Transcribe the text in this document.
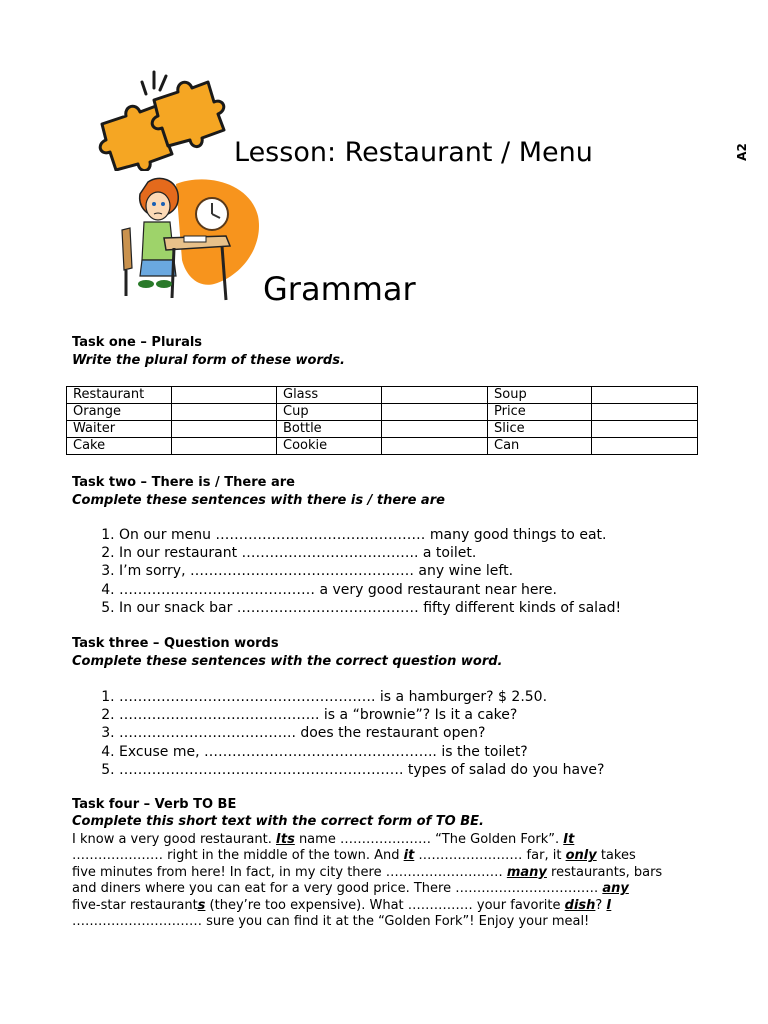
Lesson: Restaurant / Menu	A2
Grammar
Task one – Plurals
Write the plural form of these words.
Restaurant		Glass		Soup	
Orange		Cup		Price	
Waiter		Bottle		Slice	
Cake		Cookie		Can	
Task two – There is / There are
Complete these sentences with there is / there are
1. On our menu ……………………………………… many good things to eat.
2. In our restaurant ……………………………….. a toilet.
3. I’m sorry, ………………………………………… any wine left.
4. …………………………………… a very good restaurant near here.
5. In our snack bar ………………………………… fifty different kinds of salad!
Task three – Question words
Complete these sentences with the correct question word.
1. ………………………………………………. is a hamburger? $ 2.50.
2. ……………………………………. is a “brownie”? Is it a cake?
3. ……………………………….. does the restaurant open?
4. Excuse me, ………………………………………….. is the toilet?
5. ……………………………………………………. types of salad do you have?
Task four – Verb TO BE
Complete this short text with the correct form of TO BE.

I know a very good restaurant. Its name ………………… “The Golden Fork”. It

………………… right in the middle of the town. And it …………………… far, it only takes

five minutes from here! In fact, in my city there ……………………… many restaurants, bars

and diners where you can eat for a very good price. There …………………………… any

five-star restaurants (they’re too expensive). What …………… your favorite dish? I

………………………… sure you can find it at the “Golden Fork”! Enjoy your meal!
